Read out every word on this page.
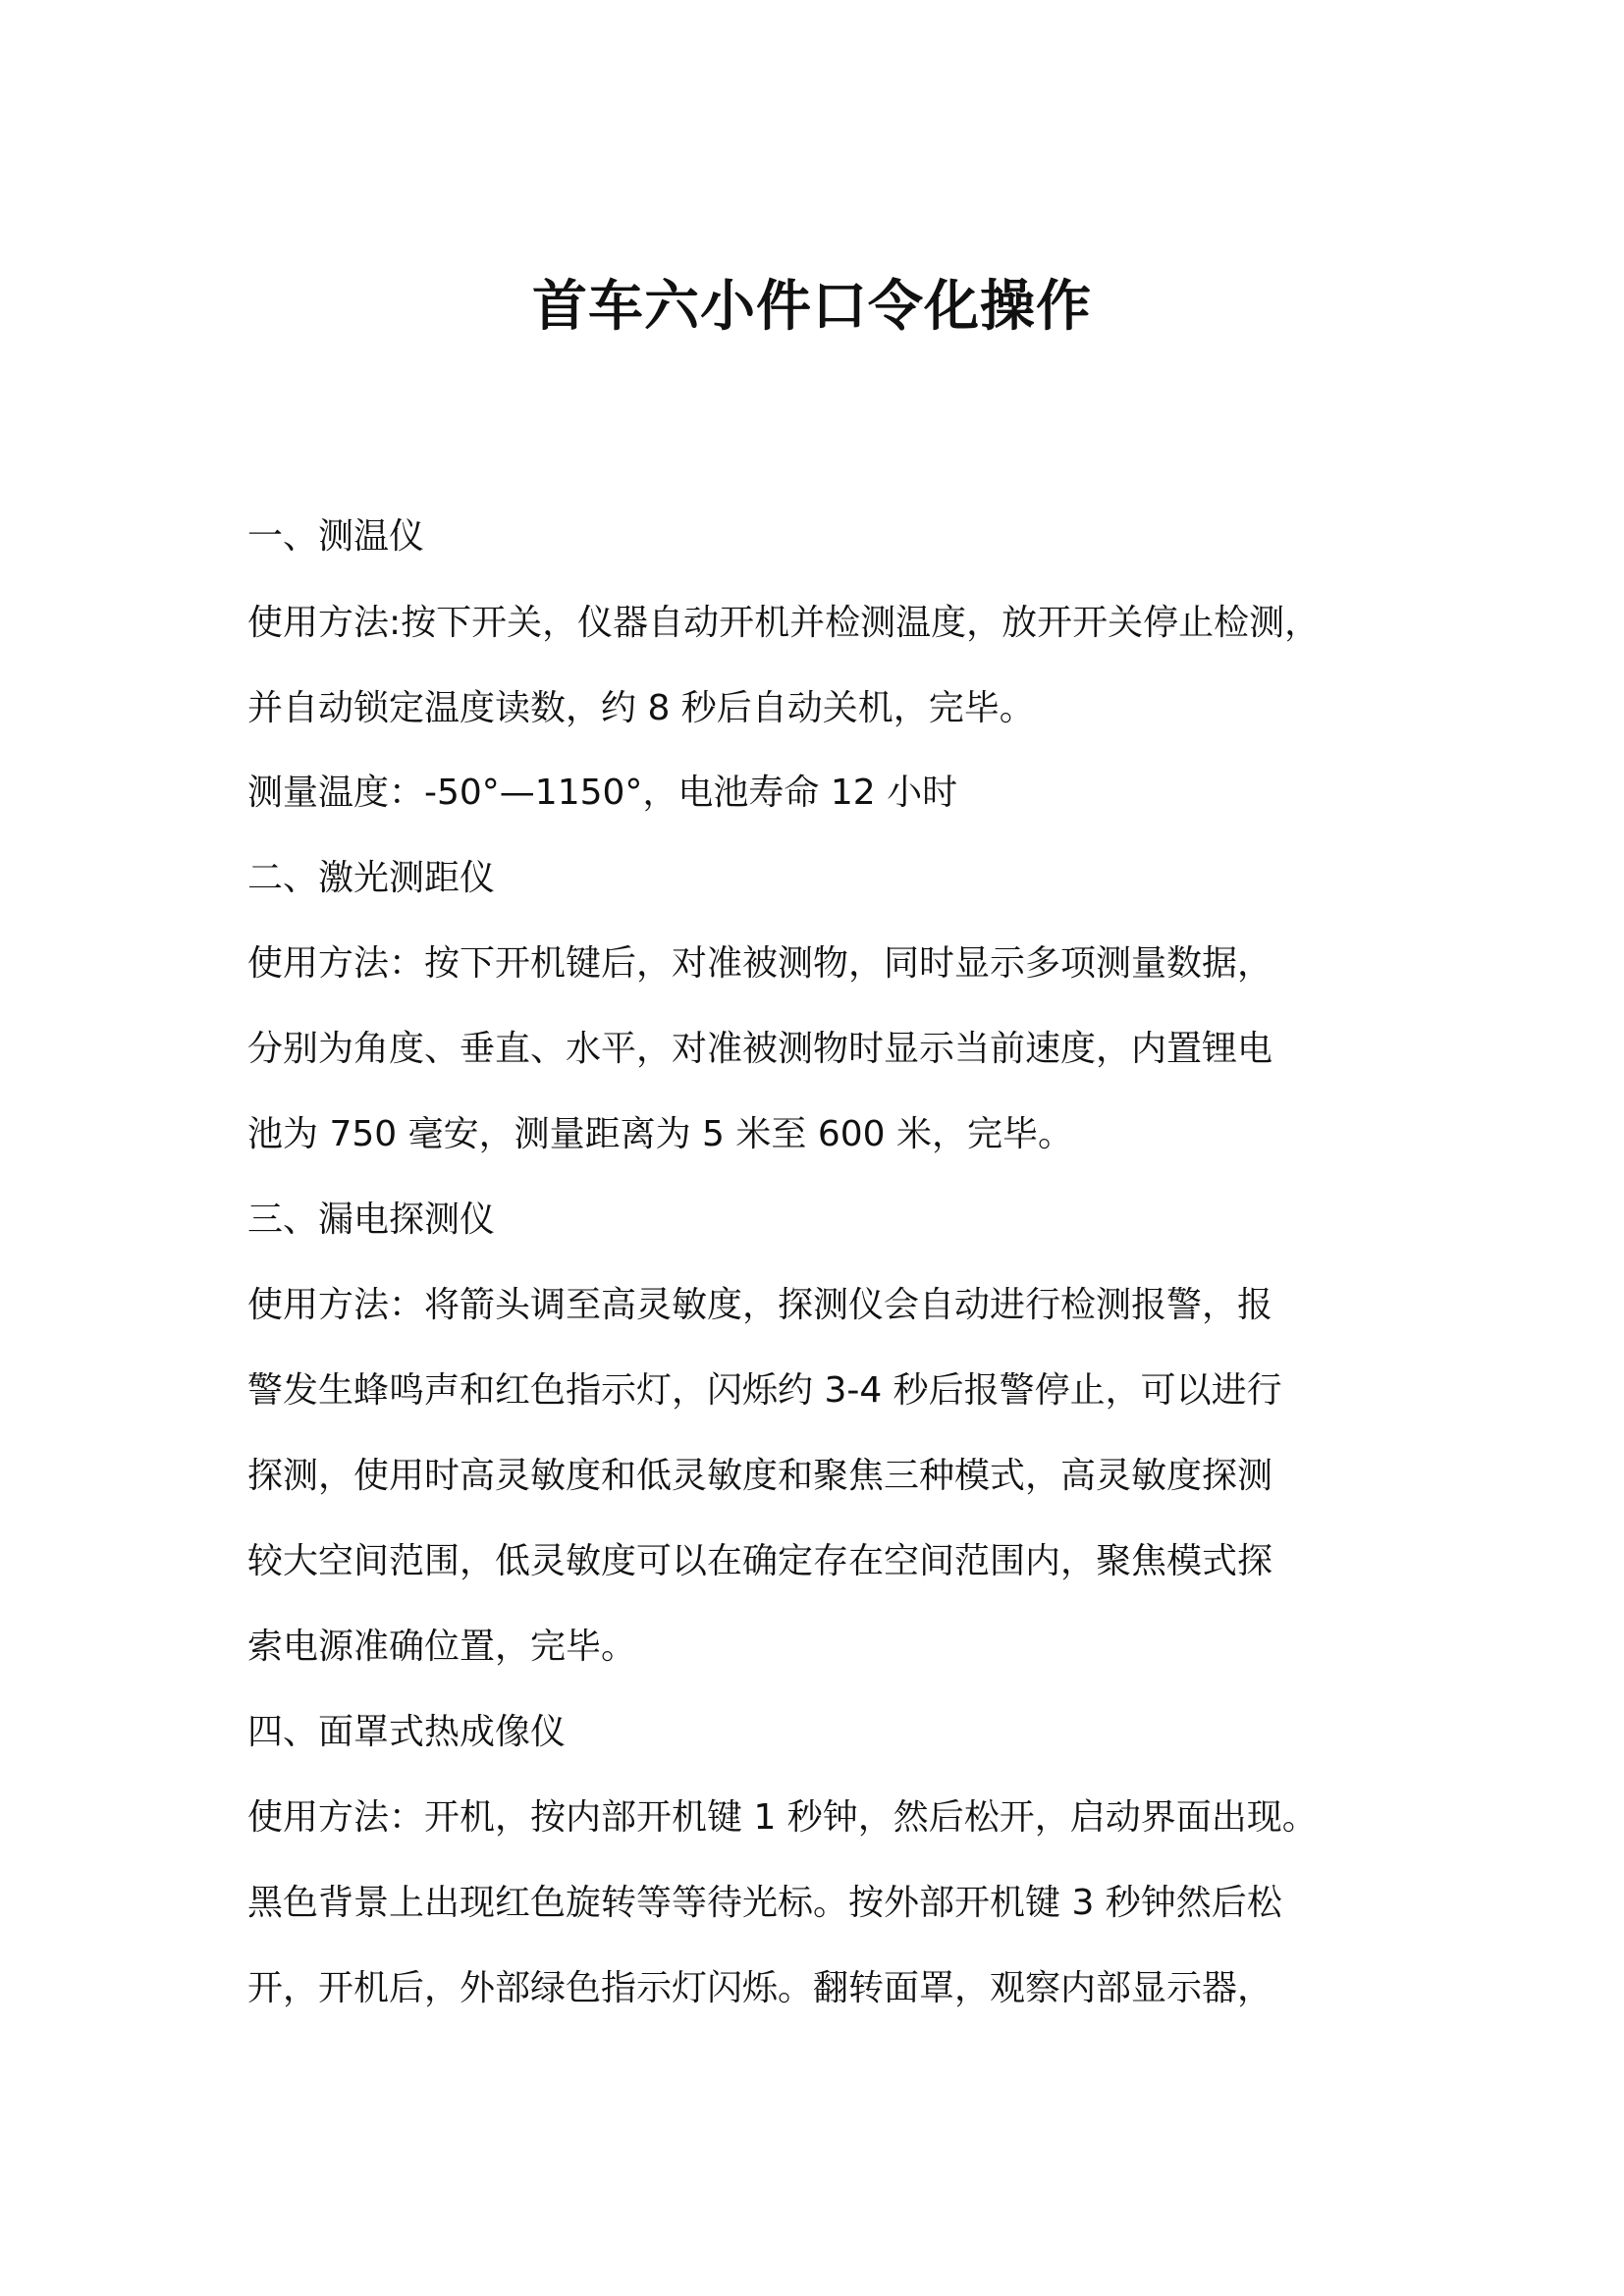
首车六小件口令化操作

一、测温仪

使用方法:按下开关，仪器自动开机并检测温度，放开开关停止检测，

并自动锁定温度读数，约 8 秒后自动关机，完毕。

测量温度：-50°—1150°，电池寿命 12 小时

二、激光测距仪

使用方法：按下开机键后，对准被测物，同时显示多项测量数据，

分别为角度、垂直、水平，对准被测物时显示当前速度，内置锂电

池为 750 毫安，测量距离为 5 米至 600 米，完毕。

三、漏电探测仪

使用方法：将箭头调至高灵敏度，探测仪会自动进行检测报警，报

警发生蜂鸣声和红色指示灯，闪烁约 3-4 秒后报警停止，可以进行

探测，使用时高灵敏度和低灵敏度和聚焦三种模式，高灵敏度探测

较大空间范围，低灵敏度可以在确定存在空间范围内，聚焦模式探

索电源准确位置，完毕。

四、面罩式热成像仪

使用方法：开机，按内部开机键 1 秒钟，然后松开，启动界面出现。

黑色背景上出现红色旋转等等待光标。按外部开机键 3 秒钟然后松

开，开机后，外部绿色指示灯闪烁。翻转面罩，观察内部显示器，
